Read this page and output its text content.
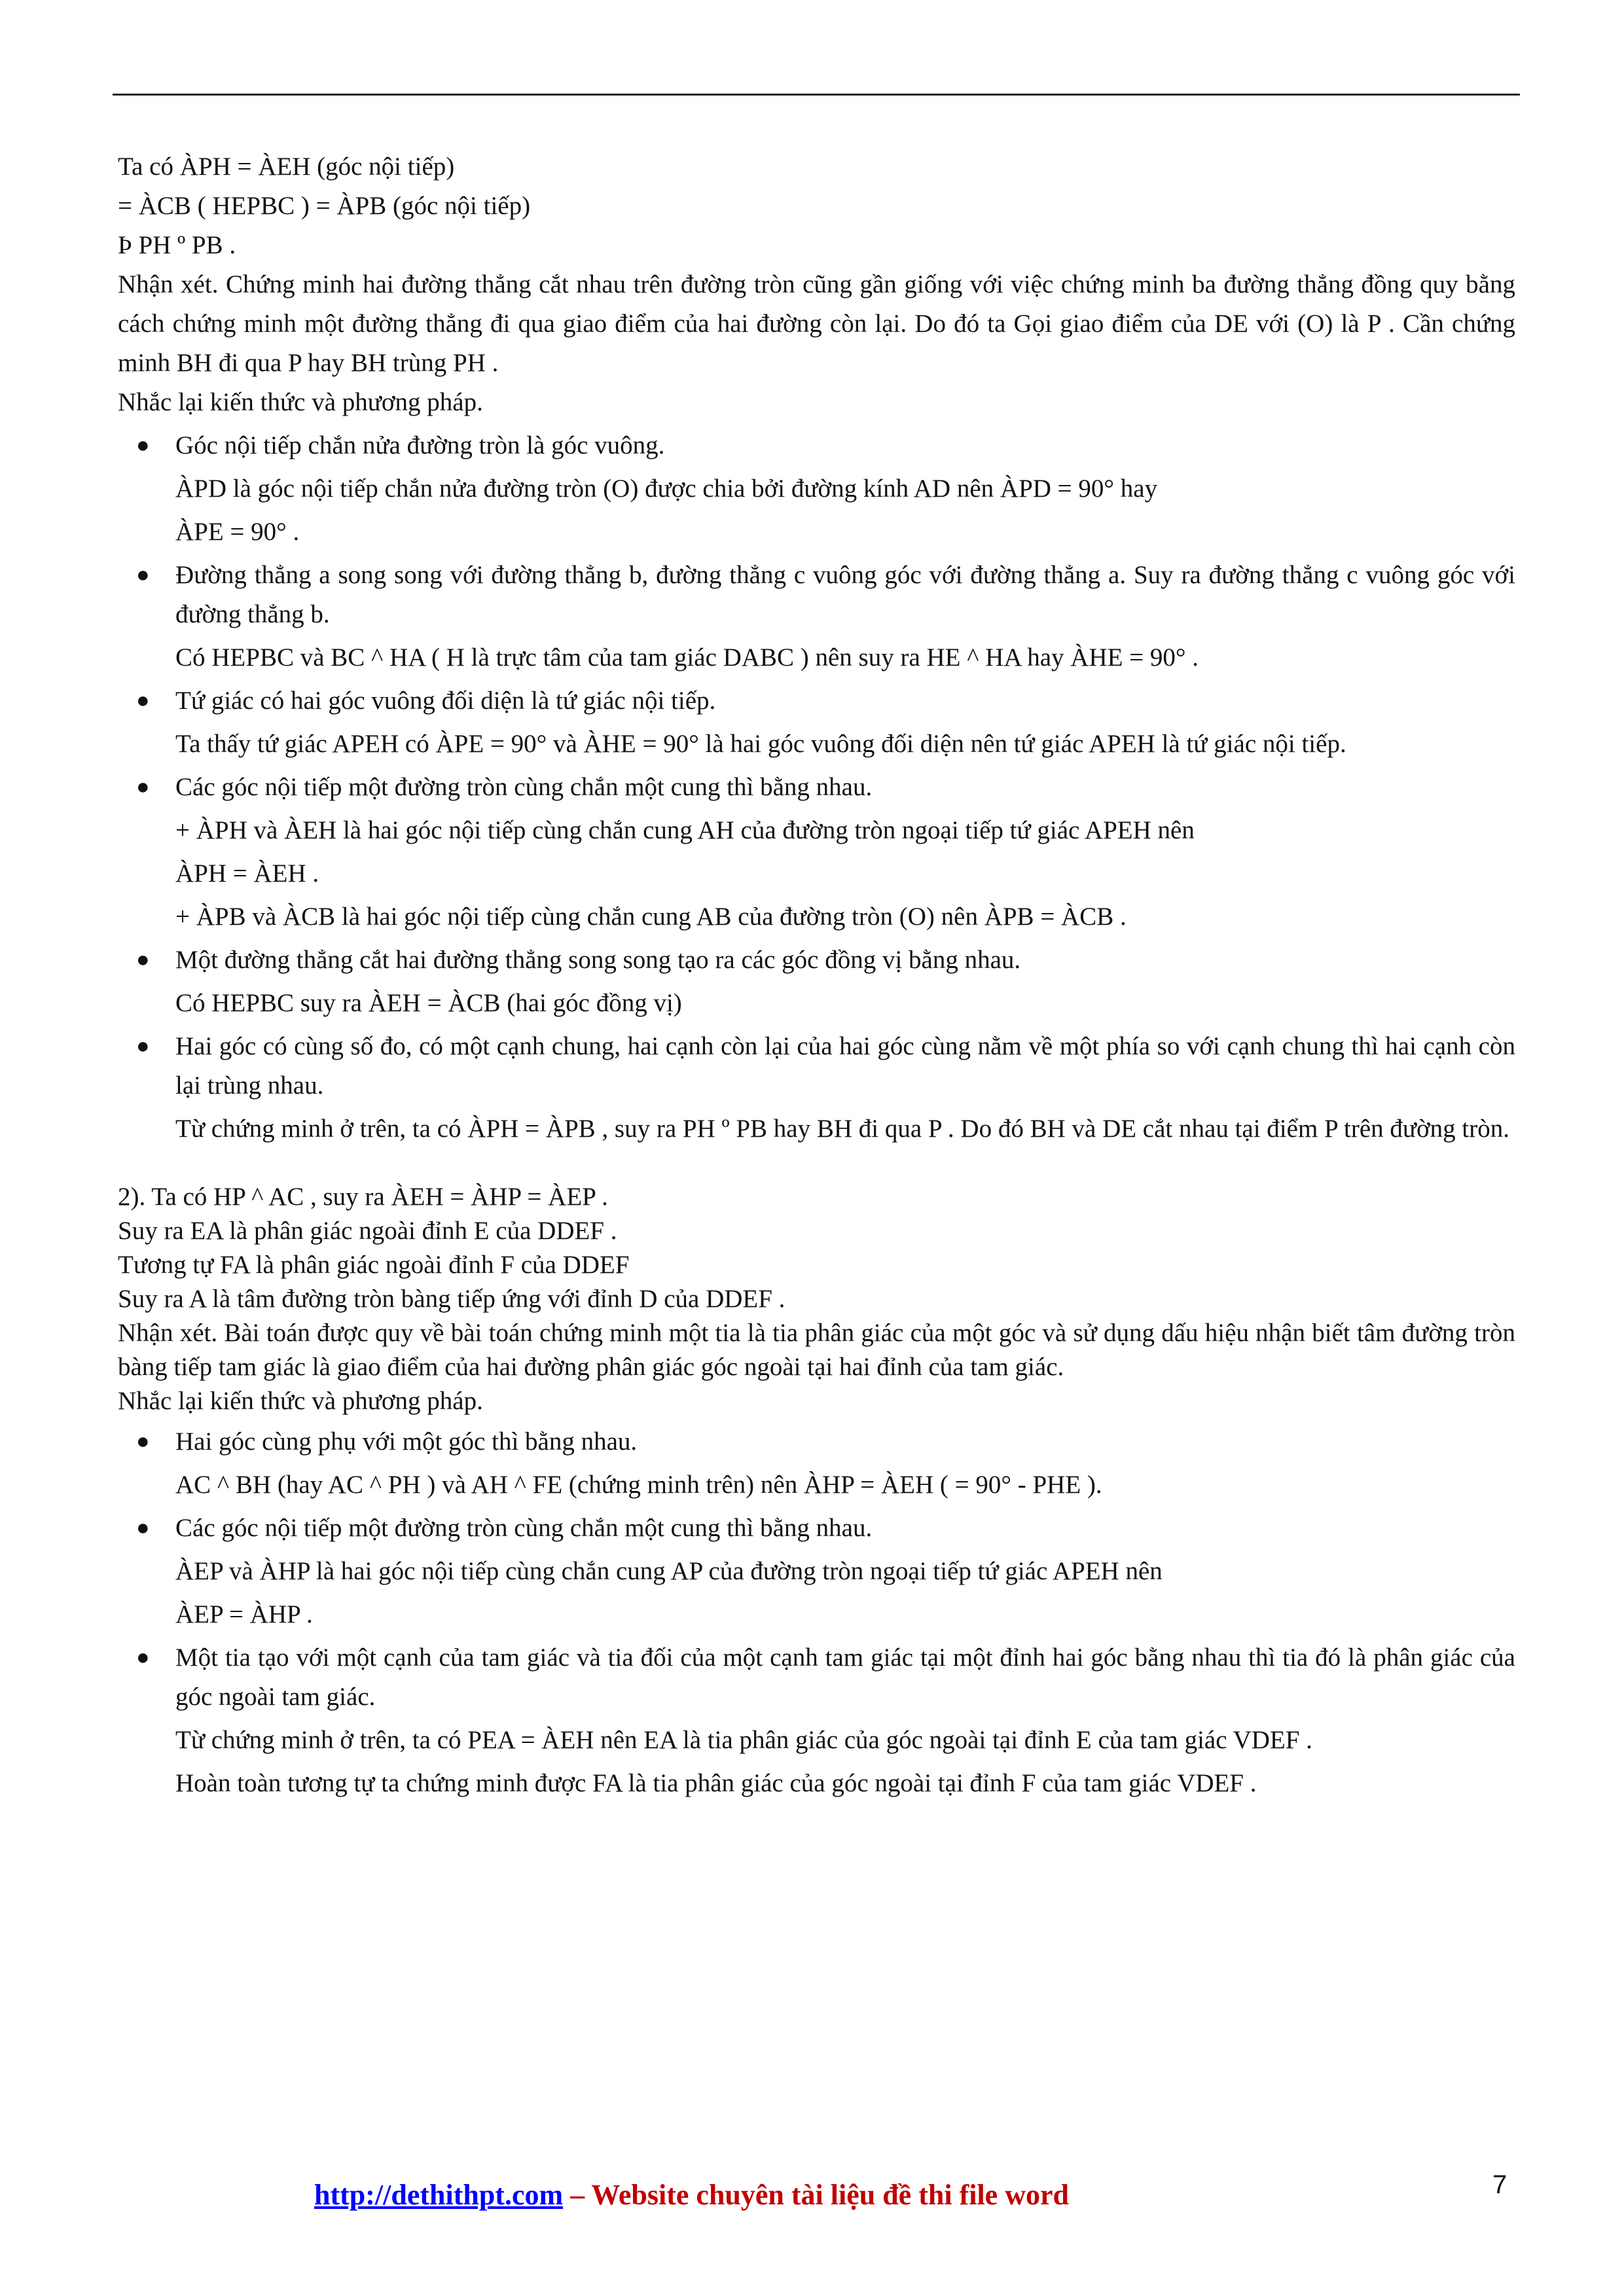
Ta có ÀPH = ÀEH (góc nội tiếp)

= ÀCB ( HEPBC ) = ÀPB (góc nội tiếp)

Þ PH º PB .

Nhận xét. Chứng minh hai đường thẳng cắt nhau trên đường tròn cũng gần giống với việc chứng minh ba đường thẳng đồng quy bằng cách chứng minh một đường thẳng đi qua giao điểm của hai đường còn lại. Do đó ta Gọi giao điểm của DE với (O) là P . Cần chứng minh BH đi qua P hay BH trùng PH .

Nhắc lại kiến thức và phương pháp.

● Góc nội tiếp chắn nửa đường tròn là góc vuông.

ÀPD là góc nội tiếp chắn nửa đường tròn (O) được chia bởi đường kính AD nên ÀPD = 90° hay

ÀPE = 90° .

● Đường thẳng a song song với đường thẳng b, đường thẳng c vuông góc với đường thẳng a. Suy ra đường thẳng c vuông góc với đường thẳng b.

Có HEPBC và BC ^ HA ( H là trực tâm của tam giác DABC ) nên suy ra HE ^ HA hay ÀHE = 90° .

● Tứ giác có hai góc vuông đối diện là tứ giác nội tiếp.

Ta thấy tứ giác APEH có ÀPE = 90° và ÀHE = 90° là hai góc vuông đối diện nên tứ giác APEH là tứ giác nội tiếp.

● Các góc nội tiếp một đường tròn cùng chắn một cung thì bằng nhau.

+ ÀPH và ÀEH là hai góc nội tiếp cùng chắn cung AH của đường tròn ngoại tiếp tứ giác APEH nên

ÀPH = ÀEH .

+ ÀPB và ÀCB là hai góc nội tiếp cùng chắn cung AB của đường tròn (O) nên ÀPB = ÀCB .

● Một đường thẳng cắt hai đường thẳng song song tạo ra các góc đồng vị bằng nhau.

Có HEPBC suy ra ÀEH = ÀCB (hai góc đồng vị)

● Hai góc có cùng số đo, có một cạnh chung, hai cạnh còn lại của hai góc cùng nằm về một phía so với cạnh chung thì hai cạnh còn lại trùng nhau.

Từ chứng minh ở trên, ta có ÀPH = ÀPB , suy ra PH º PB hay BH đi qua P . Do đó BH và DE cắt nhau tại điểm P trên đường tròn.

2). Ta có HP ^ AC , suy ra ÀEH = ÀHP = ÀEP .

Suy ra EA là phân giác ngoài đỉnh E của DDEF .

Tương tự FA là phân giác ngoài đỉnh F của DDEF

Suy ra A là tâm đường tròn bàng tiếp ứng với đỉnh D của DDEF .

Nhận xét. Bài toán được quy về bài toán chứng minh một tia là tia phân giác của một góc và sử dụng dấu hiệu nhận biết tâm đường tròn bàng tiếp tam giác là giao điểm của hai đường phân giác góc ngoài tại hai đỉnh của tam giác.

Nhắc lại kiến thức và phương pháp.

● Hai góc cùng phụ với một góc thì bằng nhau.

AC ^ BH (hay AC ^ PH ) và AH ^ FE (chứng minh trên) nên ÀHP = ÀEH ( = 90° - PHE ).

● Các góc nội tiếp một đường tròn cùng chắn một cung thì bằng nhau.

ÀEP và ÀHP là hai góc nội tiếp cùng chắn cung AP của đường tròn ngoại tiếp tứ giác APEH nên

ÀEP = ÀHP .

● Một tia tạo với một cạnh của tam giác và tia đối của một cạnh tam giác tại một đỉnh hai góc bằng nhau thì tia đó là phân giác của góc ngoài tam giác.

Từ chứng minh ở trên, ta có PEA = ÀEH nên EA là tia phân giác của góc ngoài tại đỉnh E của tam giác VDEF .

Hoàn toàn tương tự ta chứng minh được FA là tia phân giác của góc ngoài tại đỉnh F của tam giác VDEF .

http://dethithpt.com – Website chuyên tài liệu đề thi file word	7
